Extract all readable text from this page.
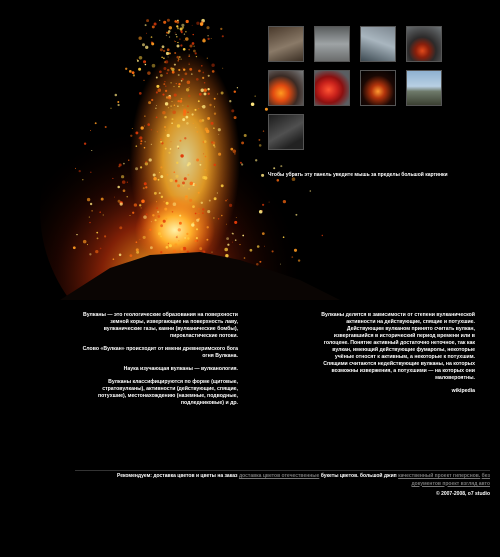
Чтобы убрать эту панель уведите мышь за пределы большой картинки

Вулканы — это геологические образования на поверхности земной коры, извергающие на поверхность лаву, вулканические газы, камни (вулканические бомбы), пирокластические потоки.

Слово «Вулкан» происходит от имени древнеримского бога огня Вулкана.

Наука изучающая вулканы — вулканология.

Вулканы классифицируются по форме (щитовые, стратовулканы), активности (действующие, спящие, потухшие), местонахождению (наземные, подводные, подледниковые) и др.

Вулканы делятся в зависимости от степени вулканической активности на действующие, спящие и потухшие. Действующим вулканом принято считать вулкан, извергавшийся в исторический период времени или в голоцене. Понятие активный достаточно неточное, так как вулкан, имеющий действующие фумаролы, некоторые учёные относят к активным, а некоторые к потухшим. Спящими считаются недействующие вулканы, на которых возможны извержения, а потухшими — на которых они маловероятны.

wikipedia
Рекомендуем: доставка цветов и цветы на заказ доставка цветов отечественные букеты цветов. большой джип качественный проект гиперснов. без документов проект взгляд авто
© 2007-2008, o7 studio
